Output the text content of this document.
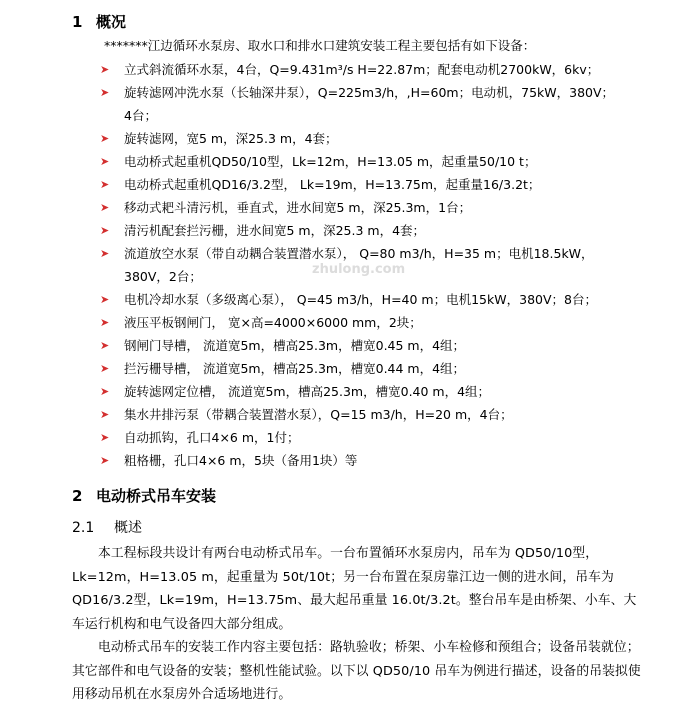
1 概况
*******江边循环水泵房、取水口和排水口建筑安装工程主要包括有如下设备：
➤	立式斜流循环水泵，4台，Q=9.431m³/s H=22.87m；配套电动机2700kW，6kv；
➤	旋转滤网冲洗水泵（长轴深井泵），Q=225m3/h，,H=60m；电动机，75kW，380V；
4台；
➤	旋转滤网，宽5 m，深25.3 m，4套；
➤	电动桥式起重机QD50/10型，Lk=12m，H=13.05 m，起重量50/10 t；
➤	电动桥式起重机QD16/3.2型， Lk=19m，H=13.75m，起重量16/3.2t；
➤	移动式耙斗清污机，垂直式，进水间宽5 m，深25.3m，1台；
➤	清污机配套拦污栅，进水间宽5 m，深25.3 m，4套；
➤	流道放空水泵（带自动耦合装置潜水泵）， Q=80 m3/h，H=35 m；电机18.5kW，
380V，2台；
➤	电机冷却水泵（多级离心泵）， Q=45 m3/h，H=40 m；电机15kW，380V；8台；
➤	液压平板钢闸门， 宽×高=4000×6000 mm，2块；
➤	钢闸门导槽， 流道宽5m，槽高25.3m，槽宽0.45 m，4组；
➤	拦污栅导槽， 流道宽5m，槽高25.3m，槽宽0.44 m，4组；
➤	旋转滤网定位槽， 流道宽5m，槽高25.3m，槽宽0.40 m，4组；
➤	集水井排污泵（带耦合装置潜水泵），Q=15 m3/h，H=20 m，4台；
➤	自动抓钩，孔口4×6 m，1付；
➤	粗格栅，孔口4×6 m，5块（备用1块）等
zhulong.com
2 电动桥式吊车安装
2.1 概述
本工程标段共设计有两台电动桥式吊车。一台布置循环水泵房内，吊车为 QD50/10型，Lk=12m，H=13.05 m，起重量为 50t/10t；另一台布置在泵房靠江边一侧的进水间，吊车为 QD16/3.2型，Lk=19m，H=13.75m、最大起吊重量 16.0t/3.2t。整台吊车是由桥架、小车、大车运行机构和电气设备四大部分组成。
电动桥式吊车的安装工作内容主要包括：路轨验收；桥架、小车检修和预组合；设备吊装就位；其它部件和电气设备的安装；整机性能试验。以下以 QD50/10 吊车为例进行描述，设备的吊装拟使用移动吊机在水泵房外合适场地进行。
